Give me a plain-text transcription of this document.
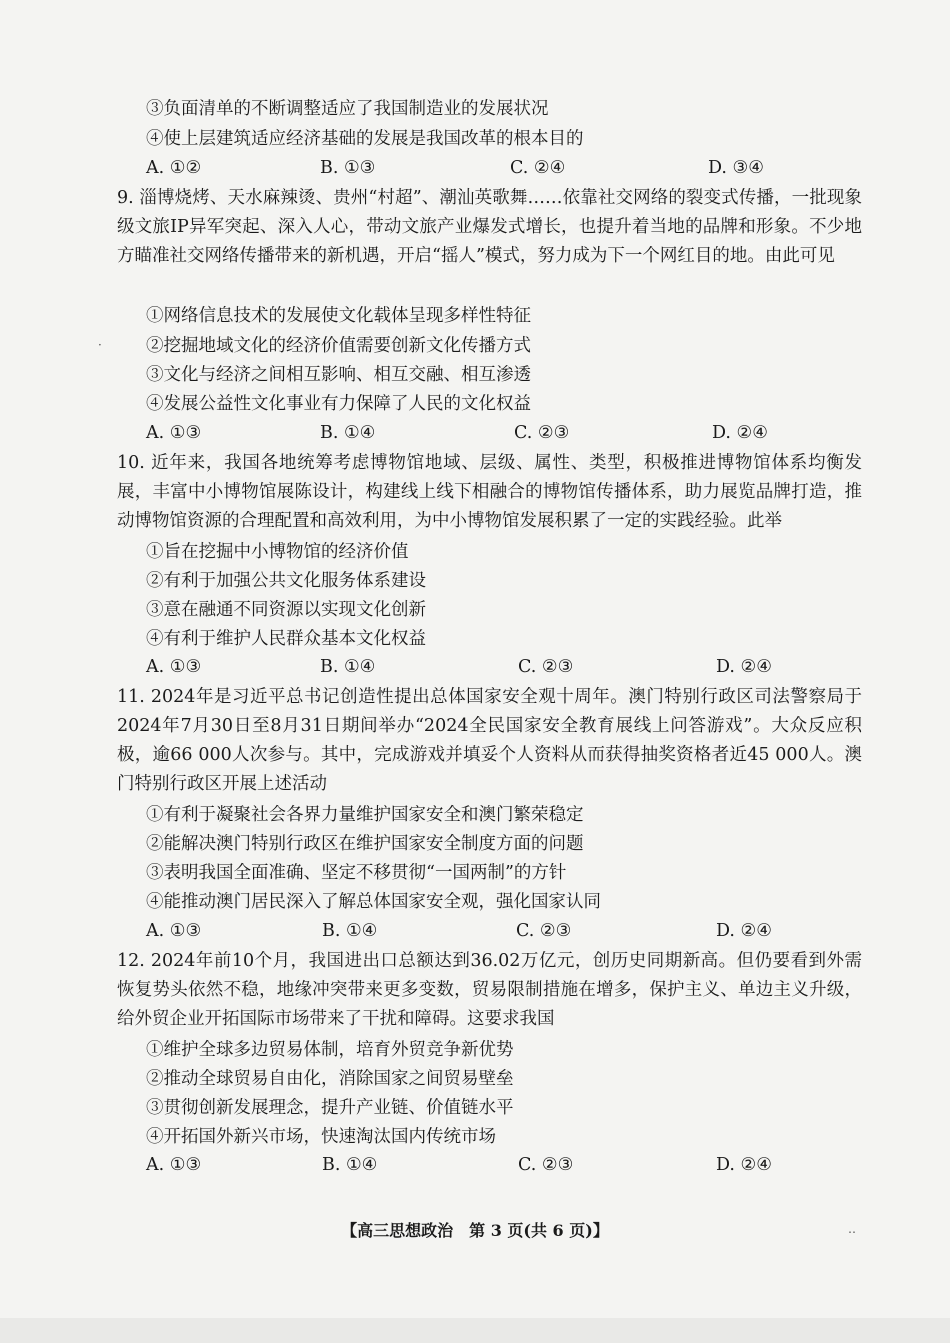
③负面清单的不断调整适应了我国制造业的发展状况
④使上层建筑适应经济基础的发展是我国改革的根本目的
A. ①②	B. ①③	C. ②④	D. ③④
9. 淄博烧烤、天水麻辣烫、贵州“村超”、潮汕英歌舞……依靠社交网络的裂变式传播，一批现象级文旅IP异军突起、深入人心，带动文旅产业爆发式增长，也提升着当地的品牌和形象。不少地方瞄准社交网络传播带来的新机遇，开启“摇人”模式，努力成为下一个网红目的地。由此可见
①网络信息技术的发展使文化载体呈现多样性特征
②挖掘地域文化的经济价值需要创新文化传播方式
③文化与经济之间相互影响、相互交融、相互渗透
④发展公益性文化事业有力保障了人民的文化权益
A. ①③	B. ①④	C. ②③	D. ②④
10. 近年来，我国各地统筹考虑博物馆地域、层级、属性、类型，积极推进博物馆体系均衡发展，丰富中小博物馆展陈设计，构建线上线下相融合的博物馆传播体系，助力展览品牌打造，推动博物馆资源的合理配置和高效利用，为中小博物馆发展积累了一定的实践经验。此举
①旨在挖掘中小博物馆的经济价值
②有利于加强公共文化服务体系建设
③意在融通不同资源以实现文化创新
④有利于维护人民群众基本文化权益
A. ①③	B. ①④	C. ②③	D. ②④
11. 2024年是习近平总书记创造性提出总体国家安全观十周年。澳门特别行政区司法警察局于2024年7月30日至8月31日期间举办“2024全民国家安全教育展线上问答游戏”。大众反应积极，逾66 000人次参与。其中，完成游戏并填妥个人资料从而获得抽奖资格者近45 000人。澳门特别行政区开展上述活动
①有利于凝聚社会各界力量维护国家安全和澳门繁荣稳定
②能解决澳门特别行政区在维护国家安全制度方面的问题
③表明我国全面准确、坚定不移贯彻“一国两制”的方针
④能推动澳门居民深入了解总体国家安全观，强化国家认同
A. ①③	B. ①④	C. ②③	D. ②④
12. 2024年前10个月，我国进出口总额达到36.02万亿元，创历史同期新高。但仍要看到外需恢复势头依然不稳，地缘冲突带来更多变数，贸易限制措施在增多，保护主义、单边主义升级，给外贸企业开拓国际市场带来了干扰和障碍。这要求我国
①维护全球多边贸易体制，培育外贸竞争新优势
②推动全球贸易自由化，消除国家之间贸易壁垒
③贯彻创新发展理念，提升产业链、价值链水平
④开拓国外新兴市场，快速淘汰国内传统市场
A. ①③	B. ①④	C. ②③	D. ②④
【高三思想政治　第 3 页(共 6 页)】
·
‥
